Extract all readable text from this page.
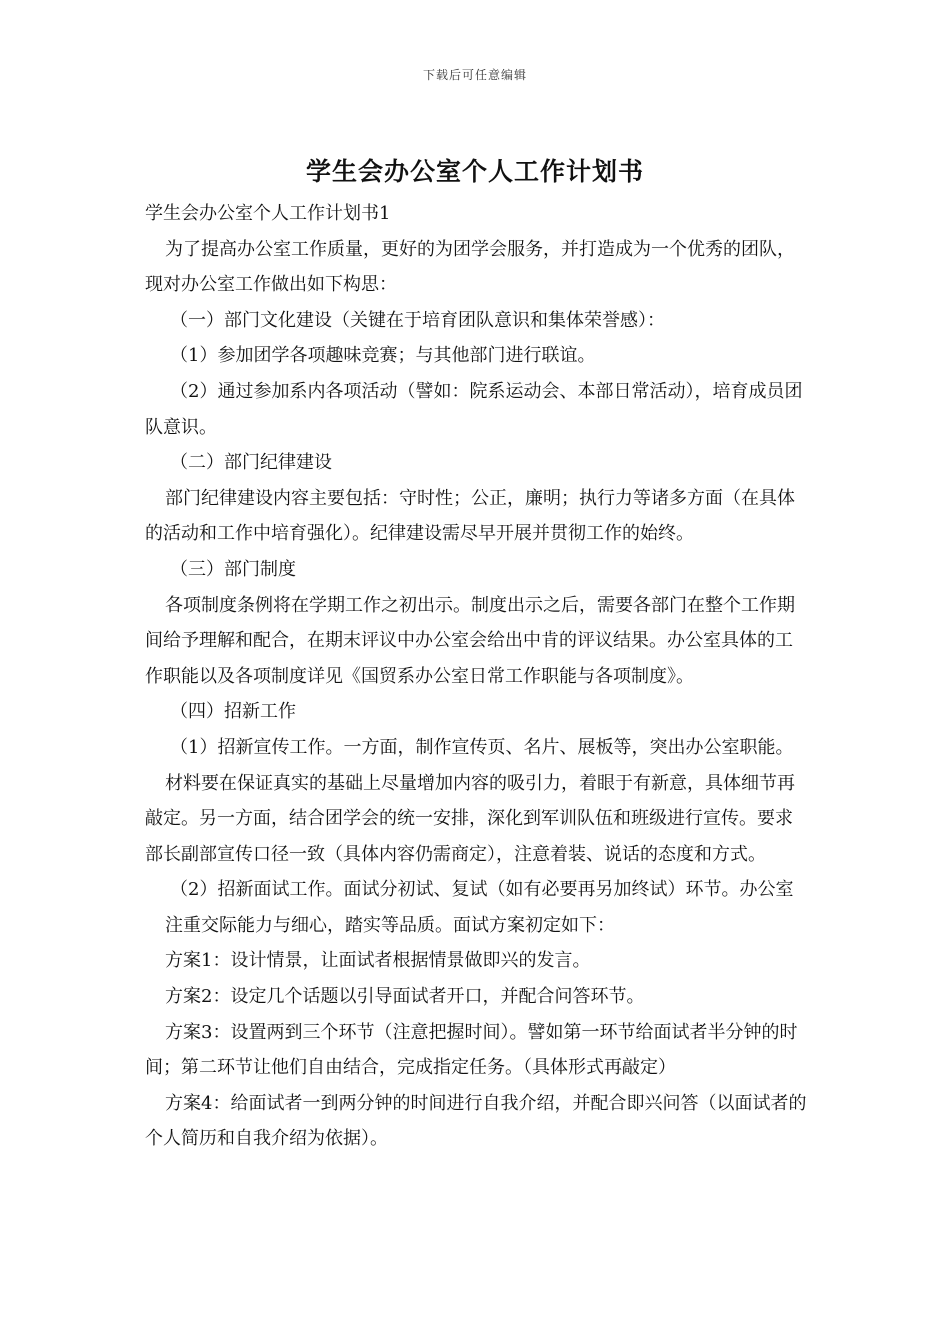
下载后可任意编辑
学生会办公室个人工作计划书

学生会办公室个人工作计划书1

为了提高办公室工作质量，更好的为团学会服务，并打造成为一个优秀的团队，现对办公室工作做出如下构思：

（一）部门文化建设（关键在于培育团队意识和集体荣誉感）：

（1）参加团学各项趣味竞赛；与其他部门进行联谊。

（2）通过参加系内各项活动（譬如：院系运动会、本部日常活动），培育成员团队意识。

（二）部门纪律建设

部门纪律建设内容主要包括：守时性；公正，廉明；执行力等诸多方面（在具体的活动和工作中培育强化）。纪律建设需尽早开展并贯彻工作的始终。

（三）部门制度

各项制度条例将在学期工作之初出示。制度出示之后，需要各部门在整个工作期间给予理解和配合，在期末评议中办公室会给出中肯的评议结果。办公室具体的工作职能以及各项制度详见《国贸系办公室日常工作职能与各项制度》。

（四）招新工作

（1）招新宣传工作。一方面，制作宣传页、名片、展板等，突出办公室职能。

材料要在保证真实的基础上尽量增加内容的吸引力，着眼于有新意，具体细节再敲定。另一方面，结合团学会的统一安排，深化到军训队伍和班级进行宣传。要求部长副部宣传口径一致（具体内容仍需商定），注意着装、说话的态度和方式。

（2）招新面试工作。面试分初试、复试（如有必要再另加终试）环节。办公室

注重交际能力与细心，踏实等品质。面试方案初定如下：

方案1：设计情景，让面试者根据情景做即兴的发言。

方案2：设定几个话题以引导面试者开口，并配合问答环节。

方案3：设置两到三个环节（注意把握时间）。譬如第一环节给面试者半分钟的时间；第二环节让他们自由结合，完成指定任务。（具体形式再敲定）

方案4：给面试者一到两分钟的时间进行自我介绍，并配合即兴问答（以面试者的个人简历和自我介绍为依据）。
